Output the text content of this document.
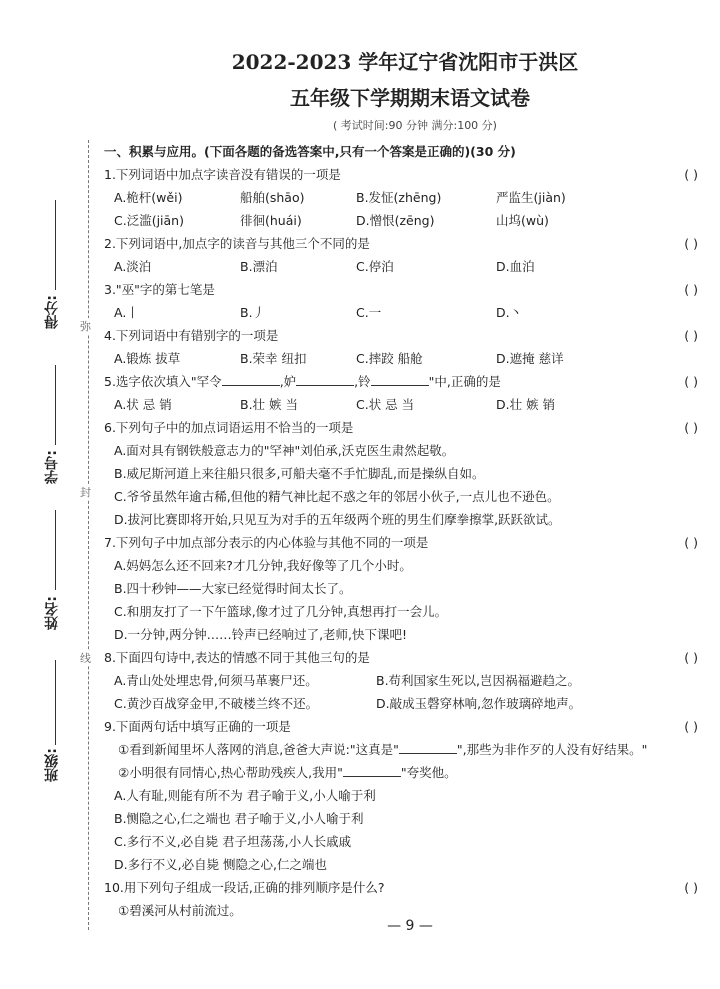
弥
封
线
得分:
学号:
姓名:
班级:
2022-2023 学年辽宁省沈阳市于洪区
五年级下学期期末语文试卷
( 考试时间:90 分钟 满分:100 分)
一、积累与应用。(下面各题的备选答案中,只有一个答案是正确的)(30 分)
1.下列词语中加点字读音没有错误的一项是	( )
A.桅杆(wěi)	船舶(shāo)	B.发怔(zhēng)	严监生(jiàn)
C.泛滥(jiān)	徘徊(huái)	D.憎恨(zēng)	山坞(wù)
2.下列词语中,加点字的读音与其他三个不同的是	( )
A.淡泊	B.漂泊	C.停泊	D.血泊
3."巫"字的第七笔是	( )
A.丨	B.丿	C.一	D.丶
4.下列词语中有错别字的一项是	( )
A.锻炼 拔草	B.荣幸 纽扣	C.摔跤 船舱	D.遮掩 慈详
5.选字依次填入"罕令	,妒	,铃	"中,正确的是	( )
A.状 忌 销	B.壮 嫉 当	C.状 忌 当	D.壮 嫉 销
6.下列句子中的加点词语运用不恰当的一项是	( )
A.面对具有钢铁般意志力的"罕神"刘伯承,沃克医生肃然起敬。
B.威尼斯河道上来往船只很多,可船夫毫不手忙脚乱,而是操纵自如。
C.爷爷虽然年逾古稀,但他的精气神比起不惑之年的邻居小伙子,一点儿也不逊色。
D.拔河比赛即将开始,只见互为对手的五年级两个班的男生们摩拳擦掌,跃跃欲试。
7.下列句子中加点部分表示的内心体验与其他不同的一项是	( )
A.妈妈怎么还不回来?才几分钟,我好像等了几个小时。
B.四十秒钟——大家已经觉得时间太长了。
C.和朋友打了一下午篮球,像才过了几分钟,真想再打一会儿。
D.一分钟,两分钟……铃声已经响过了,老师,快下课吧!
8.下面四句诗中,表达的情感不同于其他三句的是	( )
A.青山处处埋忠骨,何须马革裹尸还。	B.苟利国家生死以,岂因祸福避趋之。
C.黄沙百战穿金甲,不破楼兰终不还。	D.敲成玉磬穿林响,忽作玻璃碎地声。
9.下面两句话中填写正确的一项是	( )
①看到新闻里坏人落网的消息,爸爸大声说:"这真是"	",那些为非作歹的人没有好结果。"
②小明很有同情心,热心帮助残疾人,我用"	"夸奖他。
A.人有耻,则能有所不为 君子喻于义,小人喻于利
B.恻隐之心,仁之端也 君子喻于义,小人喻于利
C.多行不义,必自毙 君子坦荡荡,小人长戚戚
D.多行不义,必自毙 恻隐之心,仁之端也
10.用下列句子组成一段话,正确的排列顺序是什么?	( )
①碧溪河从村前流过。
— 9 —
